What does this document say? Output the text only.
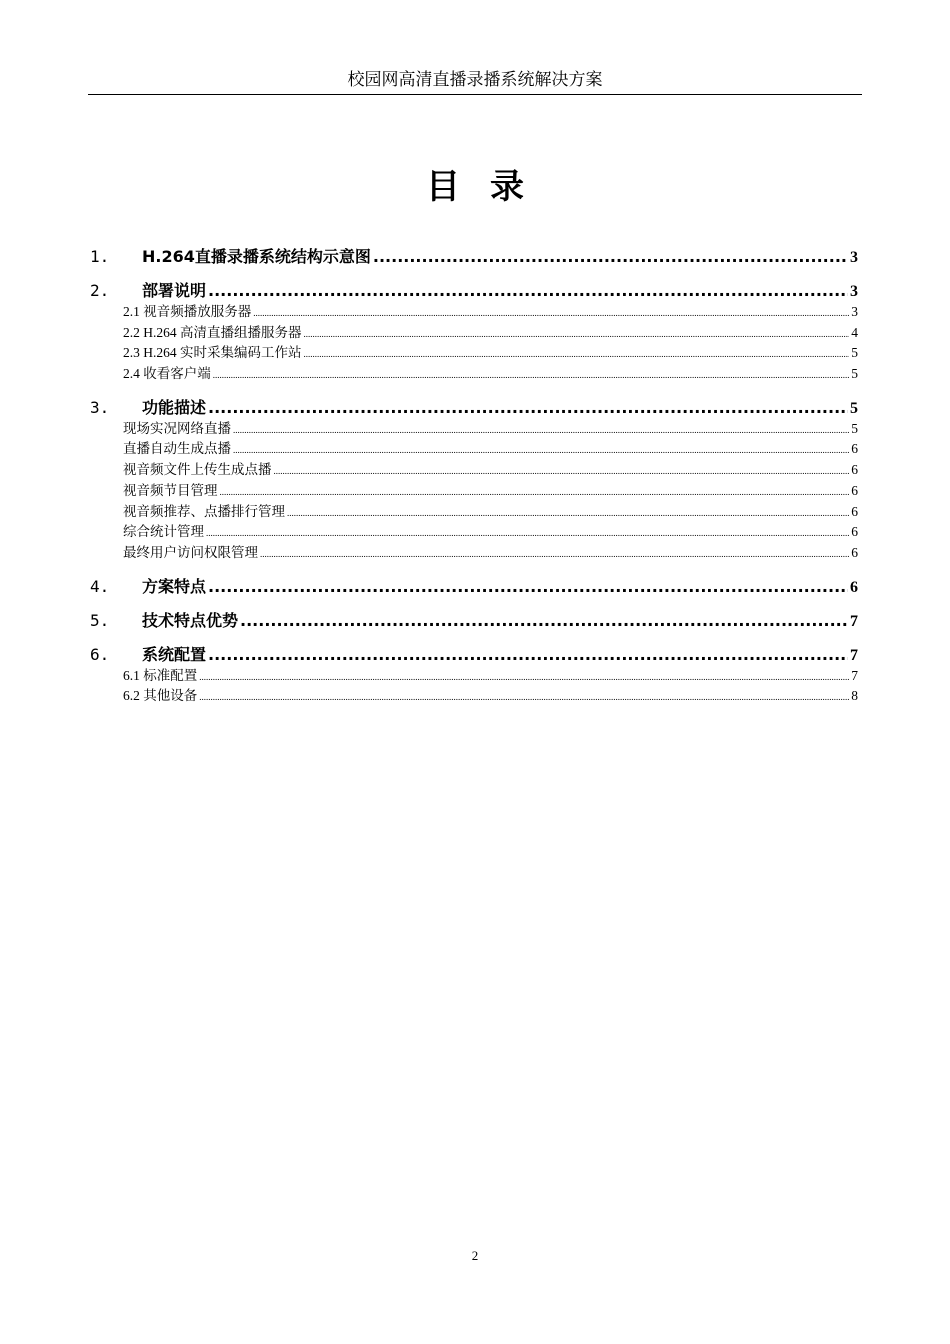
校园网高清直播录播系统解决方案
目录
1.	H.264直播录播系统结构示意图 .....	3
2.	部署说明 .....	3
2.1 视音频播放服务器 .....	3
2.2 H.264 高清直播组播服务器 .....	4
2.3 H.264 实时采集编码工作站 .....	5
2.4 收看客户端 .....	5
3.	功能描述 .....	5
现场实况网络直播 .....	5
直播自动生成点播 .....	6
视音频文件上传生成点播 .....	6
视音频节目管理 .....	6
视音频推荐、点播排行管理 .....	6
综合统计管理 .....	6
最终用户访问权限管理 .....	6
4.	方案特点 .....	6
5.	技术特点优势 .....	7
6.	系统配置 .....	7
6.1 标准配置 .....	7
6.2 其他设备 .....	8
2
